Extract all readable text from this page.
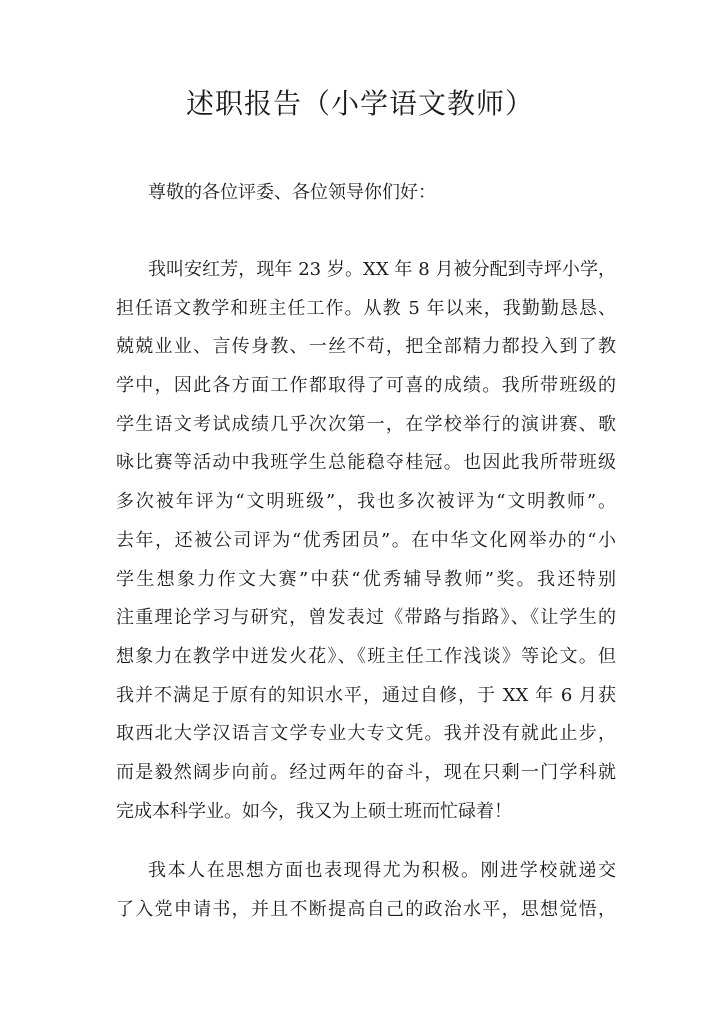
述职报告（小学语文教师）

尊敬的各位评委、各位领导你们好：

我叫安红芳，现年 23 岁。XX 年 8 月被分配到寺坪小学，
担任语文教学和班主任工作。从教 5 年以来，我勤勤恳恳、
兢兢业业、言传身教、一丝不苟，把全部精力都投入到了教
学中，因此各方面工作都取得了可喜的成绩。我所带班级的
学生语文考试成绩几乎次次第一，在学校举行的演讲赛、歌
咏比赛等活动中我班学生总能稳夺桂冠。也因此我所带班级
多次被年评为“文明班级”，我也多次被评为“文明教师”。
去年，还被公司评为“优秀团员”。在中华文化网举办的“小
学生想象力作文大赛”中获“优秀辅导教师”奖。我还特别
注重理论学习与研究，曾发表过《带路与指路》、《让学生的
想象力在教学中迸发火花》、《班主任工作浅谈》等论文。但
我并不满足于原有的知识水平，通过自修，于 XX 年 6 月获
取西北大学汉语言文学专业大专文凭。我并没有就此止步，
而是毅然阔步向前。经过两年的奋斗，现在只剩一门学科就
完成本科学业。如今，我又为上硕士班而忙碌着！
我本人在思想方面也表现得尤为积极。刚进学校就递交
了入党申请书，并且不断提高自己的政治水平，思想觉悟，
